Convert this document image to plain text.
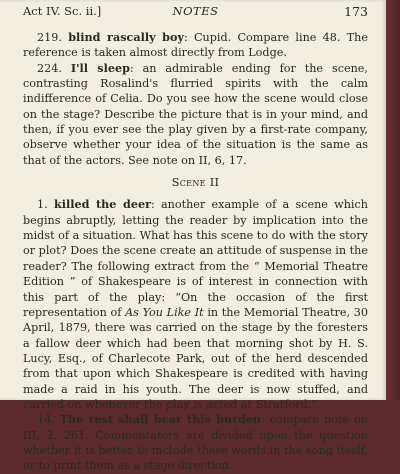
Act IV. Sc. ii.]	NOTES	173

219. blind rascally boy: Cupid. Compare line 48. The reference is taken almost directly from Lodge.

224. I'll sleep: an admirable ending for the scene, contrasting Rosalind's flurried spirits with the calm indifference of Celia. Do you see how the scene would close on the stage? Describe the picture that is in your mind, and then, if you ever see the play given by a first-rate company, observe whether your idea of the situation is the same as that of the actors. See note on II, 6, 17.

Scene II

1. killed the deer: another example of a scene which begins abruptly, letting the reader by implication into the midst of a situation. What has this scene to do with the story or plot? Does the scene create an attitude of suspense in the reader? The following extract from the “ Memorial Theatre Edition ” of Shakespeare is of interest in connection with this part of the play: “On the occasion of the first representation of As You Like It in the Memorial Theatre, 30 April, 1879, there was carried on the stage by the foresters a fallow deer which had been that morning shot by H. S. Lucy, Esq., of Charlecote Park, out of the herd descended from that upon which Shakespeare is credited with having made a raid in his youth. The deer is now stuffed, and carried on whenever the play is acted at Stratford.”

14. The rest shall bear this burden: compare note on III, 2, 261. Commentators are divided upon the question whether it is better to include these words in the song itself, or to print them as a stage direction.
